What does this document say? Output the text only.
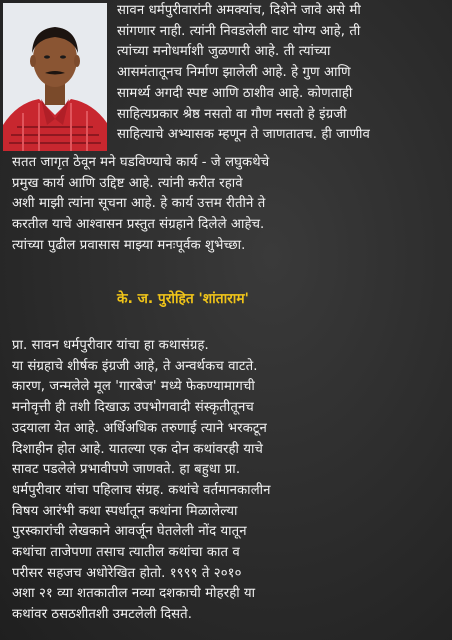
सावन धर्मपुरीवारांनी अमक्यांच, दिशेने जावे असे मी
सांगणार नाही. त्यांनी निवडलेली वाट योग्य आहे, ती
त्यांच्या मनोधर्माशी जुळणारी आहे. ती त्यांच्या
आसमंतातूनच निर्माण झालेली आहे. हे गुण आणि
सामर्थ्य अगदी स्पष्ट आणि ठाशीव आहे. कोणताही
साहित्यप्रकार श्रेष्ठ नसतो वा गौण नसतो हे इंग्रजी
साहित्याचे अभ्यासक म्हणून ते जाणतातच. ही जाणीव
सतत जागृत ठेवून मने घडविण्याचे कार्य - जे लघुकथेचे
प्रमुख कार्य आणि उद्दिष्ट आहे. त्यांनी करीत रहावे
अशी माझी त्यांना सूचना आहे. हे कार्य उत्तम रीतीने ते
करतील याचे आश्वासन प्रस्तुत संग्रहाने दिलेले आहेच.
त्यांच्या पुढील प्रवासास माझ्या मनःपूर्वक शुभेच्छा.
के. ज. पुरोहित 'शांताराम'
प्रा. सावन धर्मपुरीवार यांचा हा कथासंग्रह.
या संग्रहाचे शीर्षक इंग्रजी आहे, ते अन्वर्थकच वाटते.
कारण, जन्मलेले मूल 'गारबेज' मध्ये फेकण्यामागची
मनोवृत्ती ही तशी दिखाऊ उपभोगवादी संस्कृतीतूनच
उदयाला येत आहे. अर्धिअधिक तरुणाई त्याने भरकटून
दिशाहीन होत आहे. यातल्या एक दोन कथांवरही याचे
सावट पडलेले प्रभावीपणे जाणवते. हा बहुधा प्रा.
धर्मपुरीवार यांचा पहिलाच संग्रह. कथांचे वर्तमानकालीन
विषय आरंभी कथा स्पर्धातून कथांना मिळालेल्या
पुरस्कारांची लेखकाने आवर्जून घेतलेली नोंद यातून
कथांचा ताजेपणा तसाच त्यातील कथांचा कात व
परीसर सहजच अधोरेखित होतो. १९९९ ते २०१०
अशा २१ व्या शतकातील नव्या दशकाची मोहरही या
कथांवर ठसठशीतशी उमटलेली दिसते.
